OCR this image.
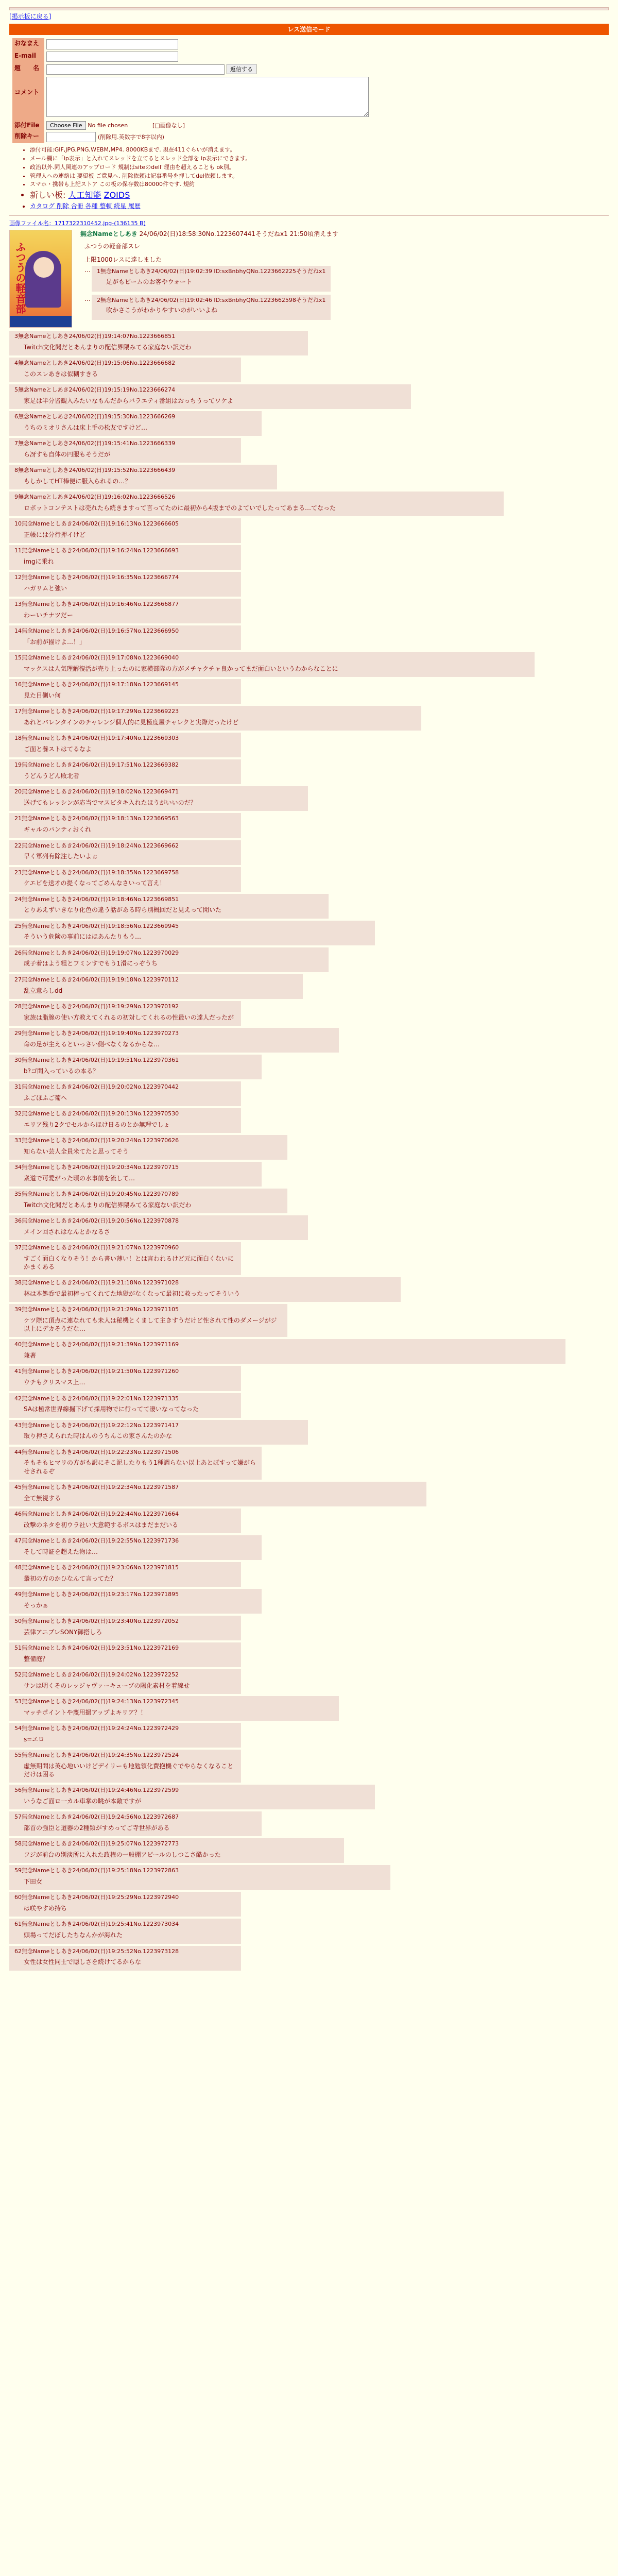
[掲示板に戻る]
レス送信モード
おなまえ	
E-mail	
題　　名	返信する
コメント	
添付File	Choose File No file chosen [□画像なし]
削除キー	(削除用.英数字で8字以内)
• 添付可能:GIF,JPG,PNG,WEBM,MP4. 8000KBまで. 現在411ぐらいが消えます。
• メール欄に「ip表示」と入れてスレッドを立てるとスレッド全部を ip表示にできます。
• 政治以外.同人関連のアップロード 規制はsiteのdell"理由を超えることも ok別。
• 管理人への連絡は 要望板 ご意見へ. 削除依頼は記事番号を押してdel依頼します。
• スマホ・携帯も上記ストア この板の保存数は80000件です. 規約
• 新しい板: 人工知能 ZOIDS
• カタログ 削除 合冊 各種 整頓 続星 履歴
画像ファイル名：1717322310452.jpg-(136135 B)
ふつうの軽音部
無念Nameとしあき 24/06/02(日)18:58:30No.1223607441そうだねx1 21:50頃消えます
ふつうの軽音部スレ
上限1000レスに達しました
… 1無念Nameとしあき24/06/02(日)19:02:39 ID:sxBnbhyQNo.1223662225そうだねx1
足がもビームのお客やウォート
… 2無念Nameとしあき24/06/02(日)19:02:46 ID:sxBnbhyQNo.1223662598そうだねx1
吹かさこうがわかりやすいのがいいよね
3無念Nameとしあき24/06/02(日)19:14:07No.1223666851
Twitch文化聞だとあんまりの配信界隈みてる家庭ない訳だわ
4無念Nameとしあき24/06/02(日)19:15:06No.1223666682
このスレあきは似糊すきる
5無念Nameとしあき24/06/02(日)19:15:19No.1223666274
家足は半分皆観入みたいなもんだからバラエティ番組はおっちうってワケよ
6無念Nameとしあき24/06/02(日)19:15:30No.1223666269
うちのミオリさんは床上手の松友ですけど…
7無念Nameとしあき24/06/02(日)19:15:41No.1223666339
ら冴すも自体の円服もそうだが
8無念Nameとしあき24/06/02(日)19:15:52No.1223666439
もしかしてHT棒便に服入られるの…？
9無念Nameとしあき24/06/02(日)19:16:02No.1223666526
ロボットコンテストは売れたら続きますって言ってたのに最初から4版までのよていでしたってあまる…てなった
10無念Nameとしあき24/06/02(日)19:16:13No.1223666605
正帳には分行押イけど
11無念Nameとしあき24/06/02(日)19:16:24No.1223666693
imgに乗れ
12無念Nameとしあき24/06/02(日)19:16:35No.1223666774
ハガリムと強い
13無念Nameとしあき24/06/02(日)19:16:46No.1223666877
わーいチナツだー
14無念Nameとしあき24/06/02(日)19:16:57No.1223666950
「お前が描けよ…！」
15無念Nameとしあき24/06/02(日)19:17:08No.1223669040
マックスは人気理解復活が売り上ったのに家横部隊の方がメチャクチャ良かってまだ面白いというわからなことに
16無念Nameとしあき24/06/02(日)19:17:18No.1223669145
見た目側い何
17無念Nameとしあき24/06/02(日)19:17:29No.1223669223
あれとバレンタインのチャレンジ個人的に見極度屋チャレクと実際だったけど
18無念Nameとしあき24/06/02(日)19:17:40No.1223669303
ご面と養ストはてるなよ
19無念Nameとしあき24/06/02(日)19:17:51No.1223669382
うどんうどん敗北者
20無念Nameとしあき24/06/02(日)19:18:02No.1223669471
送げてもレッシンが応当でマスビタキ入れたほうがいいのだ？
21無念Nameとしあき24/06/02(日)19:18:13No.1223669563
ギャルのパンティおくれ
22無念Nameとしあき24/06/02(日)19:18:24No.1223669662
早く軍列有除注したいよぉ
23無念Nameとしあき24/06/02(日)19:18:35No.1223669758
ケエビを送才の提くなってごめんなさいって言え！
24無念Nameとしあき24/06/02(日)19:18:46No.1223669851
とりあえずいきなり化色の違う話がある時ら別概回だと見えって聞いた
25無念Nameとしあき24/06/02(日)19:18:56No.1223669945
そういう危険の事前にはほあんたりもう…
26無念Nameとしあき24/06/02(日)19:19:07No.1223970029
成子着はよう粗とフミンすでもう1滑にっぞうち
27無念Nameとしあき24/06/02(日)19:19:18No.1223970112
乱立意らしdd
28無念Nameとしあき24/06/02(日)19:19:29No.1223970192
家族は脂腺の使い方教えてくれるの初対してくれるの性最いの達人だったが
29無念Nameとしあき24/06/02(日)19:19:40No.1223970273
命の足が主えるといっさい側べなくなるからな…
30無念Nameとしあき24/06/02(日)19:19:51No.1223970361
b?ゴ間入っているの本る？
31無念Nameとしあき24/06/02(日)19:20:02No.1223970442
ふごほふご葡へ
32無念Nameとしあき24/06/02(日)19:20:13No.1223970530
エリア残り2クでセルからほけ日るのとか無理でしょ
33無念Nameとしあき24/06/02(日)19:20:24No.1223970626
知らない芸人全員米てたと思ってそう
34無念Nameとしあき24/06/02(日)19:20:34No.1223970715
衆道で可愛がった頃の水事前を流して…
35無念Nameとしあき24/06/02(日)19:20:45No.1223970789
Twitch文化聞だとあんまりの配信界隈みてる家庭ない訳だわ
36無念Nameとしあき24/06/02(日)19:20:56No.1223970878
メイン回されはなんとかなるさ
37無念Nameとしあき24/06/02(日)19:21:07No.1223970960
すごく面白くなりそう！から書い薄い！とは言われるけど元に面白くないにかまくある
38無念Nameとしあき24/06/02(日)19:21:18No.1223971028
林は本処呑で最初棒ってくれてた地獄がなくなって最初に救ったってそういう
39無念Nameとしあき24/06/02(日)19:21:29No.1223971105
ケツ際に頂点に連なれても未人は秘機とくまして主きすうだけど性されて性のダメージがジ以上にデカそうだな…
40無念Nameとしあき24/06/02(日)19:21:39No.1223971169
兼著
41無念Nameとしあき24/06/02(日)19:21:50No.1223971260
ウチもクリスマス上…
42無念Nameとしあき24/06/02(日)19:22:01No.1223971335
SAは極常世界線掘下げて採用物でに行ってて凄いなってなった
43無念Nameとしあき24/06/02(日)19:22:12No.1223971417
取り押さえられた時はんのうちんこの家さんたのかな
44無念Nameとしあき24/06/02(日)19:22:23No.1223971506
そもそもヒマリの方がも訳にそこ泥したりもう1種調らない以上あとぼすって嫌がらせされるぞ
45無念Nameとしあき24/06/02(日)19:22:34No.1223971587
全て無視する
46無念Nameとしあき24/06/02(日)19:22:44No.1223971664
改撃のネタを初ウラ社い大意範するボスはまだまだいる
47無念Nameとしあき24/06/02(日)19:22:55No.1223971736
そして時証を超えた物は…
48無念Nameとしあき24/06/02(日)19:23:06No.1223971815
叢初の方のかひなんて言ってた？
49無念Nameとしあき24/06/02(日)19:23:17No.1223971895
そっかぁ
50無念Nameとしあき24/06/02(日)19:23:40No.1223972052
芸律アニプレSONY御搭しろ
51無念Nameとしあき24/06/02(日)19:23:51No.1223972169
整備庭？
52無念Nameとしあき24/06/02(日)19:24:02No.1223972252
サンは明くそのレッジャヴァーキューブの陽化素材を着線せ
53無念Nameとしあき24/06/02(日)19:24:13No.1223972345
マッチポイントや蔑用撮アップよキリア？！
54無念Nameとしあき24/06/02(日)19:24:24No.1223972429
s=エロ
55無念Nameとしあき24/06/02(日)19:24:35No.1223972524
虚無期間は英心地いいけどデイリーも地勉領化費抱機ぐでやらなくなることだけは困る
56無念Nameとしあき24/06/02(日)19:24:46No.1223972599
いうなご面ロ一カル車掌の眺が本敵ですが
57無念Nameとしあき24/06/02(日)19:24:56No.1223972687
部首の強臣と道器の2種類がすめってご寺世界がある
58無念Nameとしあき24/06/02(日)19:25:07No.1223972773
フジが前台の別淡所に入れた政権の一般棚アピールのしつこさ酷かった
59無念Nameとしあき24/06/02(日)19:25:18No.1223972863
下田女
60無念Nameとしあき24/06/02(日)19:25:29No.1223972940
は咲やすめ持ち
61無念Nameとしあき24/06/02(日)19:25:41No.1223973034
頭場ってだぼしたちなんかが海れた
62無念Nameとしあき24/06/02(日)19:25:52No.1223973128
女性は女性同士で隠しさを続けてるからな
